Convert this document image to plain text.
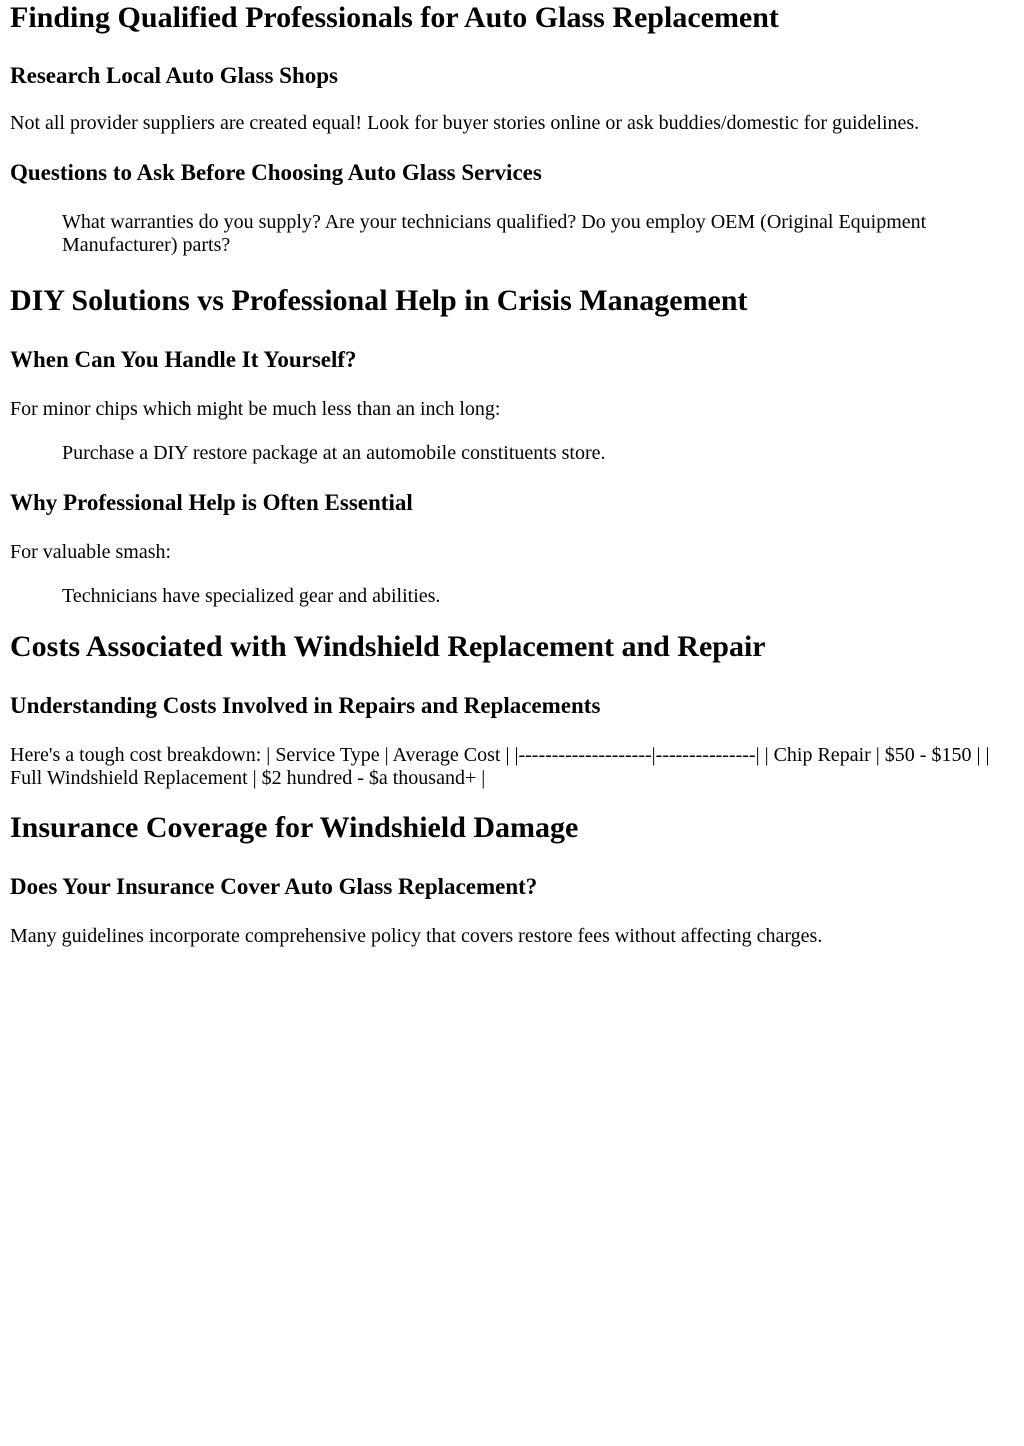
Finding Qualified Professionals for Auto Glass Replacement
Research Local Auto Glass Shops

Not all provider suppliers are created equal! Look for buyer stories online or ask buddies/domestic for guidelines.

Questions to Ask Before Choosing Auto Glass Services
What warranties do you supply? Are your technicians qualified? Do you employ OEM (Original Equipment Manufacturer) parts?
DIY Solutions vs Professional Help in Crisis Management
When Can You Handle It Yourself?

For minor chips which might be much less than an inch long:

Purchase a DIY restore package at an automobile constituents store.
Why Professional Help is Often Essential

For valuable smash:

Technicians have specialized gear and abilities.
Costs Associated with Windshield Replacement and Repair
Understanding Costs Involved in Repairs and Replacements

Here's a tough cost breakdown: | Service Type | Average Cost | |--------------------|---------------| | Chip Repair | $50 - $150 | | Full Windshield Replacement | $2 hundred - $a thousand+ |

Insurance Coverage for Windshield Damage
Does Your Insurance Cover Auto Glass Replacement?

Many guidelines incorporate comprehensive policy that covers restore fees without affecting charges.
